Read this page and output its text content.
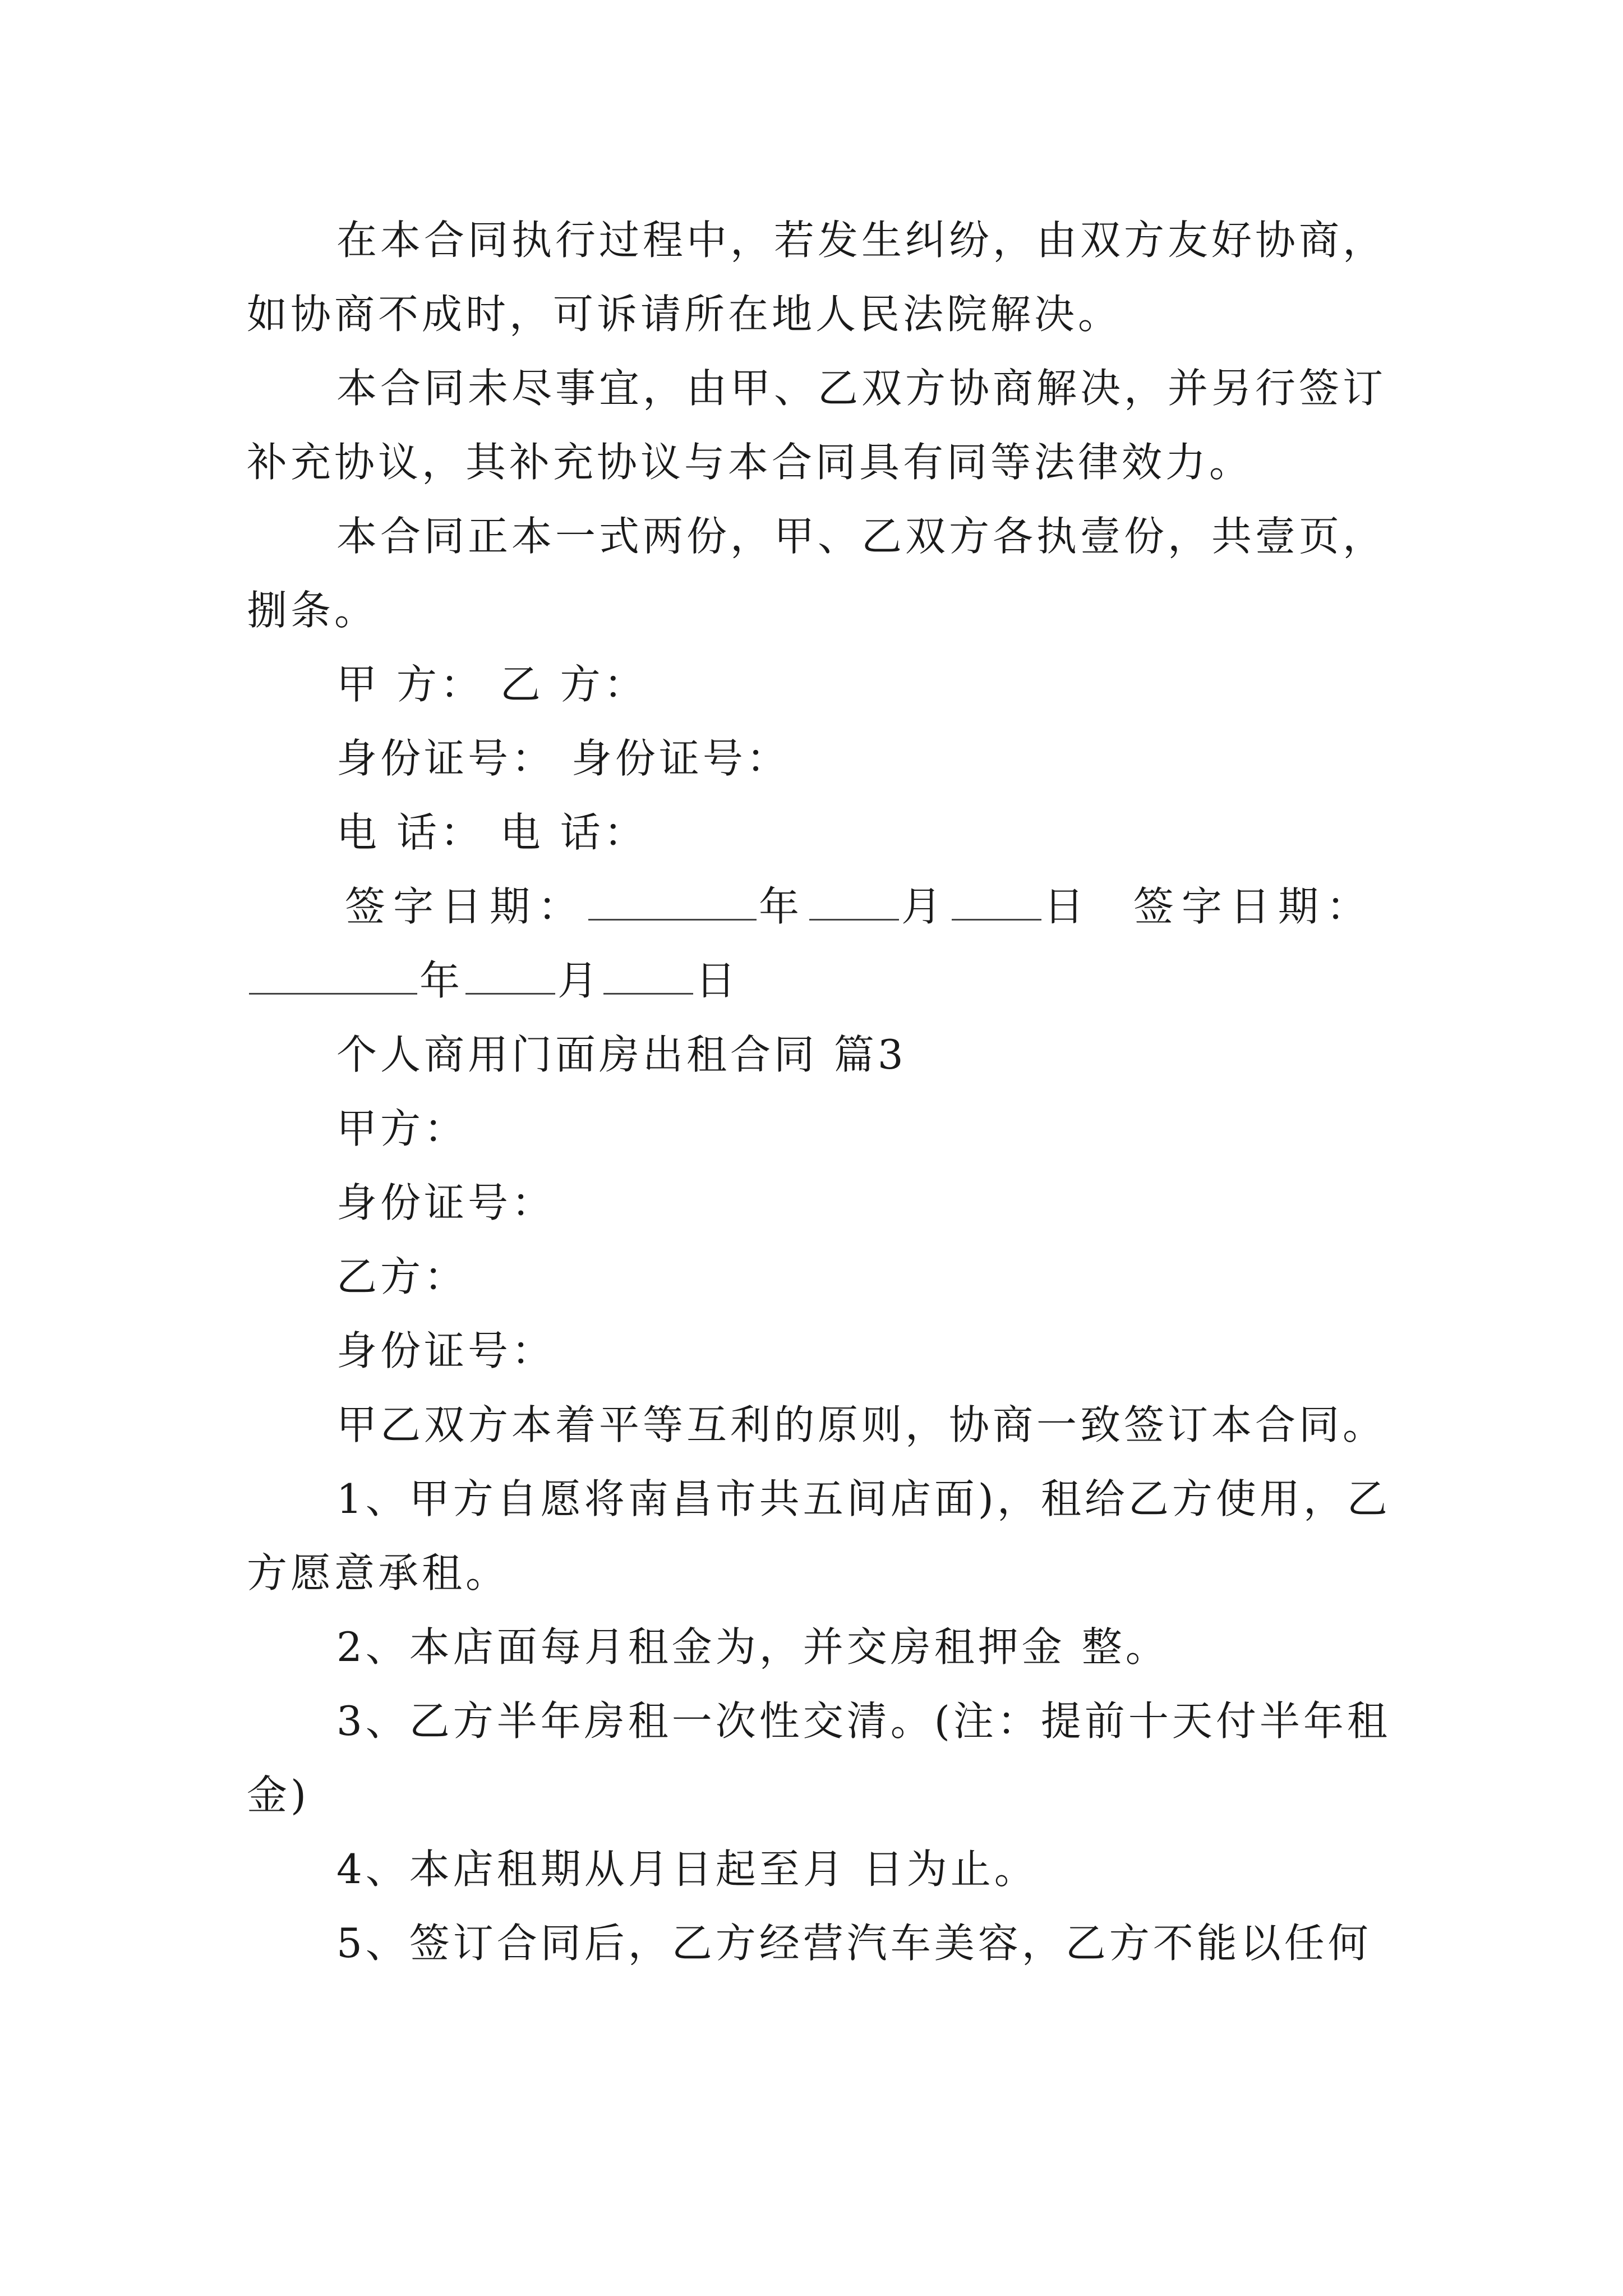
在本合同执行过程中，若发生纠纷，由双方友好协商，
如协商不成时，可诉请所在地人民法院解决。
本合同未尽事宜，由甲、乙双方协商解决，并另行签订
补充协议，其补充协议与本合同具有同等法律效力。
本合同正本一式两份，甲、乙双方各执壹份，共壹页，
捌条。
甲 方： 乙 方：
身份证号： 身份证号：
电 话： 电 话：
签字日期：	年 月 日 签字日期：
年 月 日
个人商用门面房出租合同 篇3
甲方：
身份证号：
乙方：
身份证号：
甲乙双方本着平等互利的原则，协商一致签订本合同。
1、甲方自愿将南昌市共五间店面)，租给乙方使用，乙
方愿意承租。
2、本店面每月租金为，并交房租押金 整。
3、乙方半年房租一次性交清。(注：提前十天付半年租
金)
4、本店租期从月日起至月 日为止。
5、签订合同后，乙方经营汽车美容，乙方不能以任何
